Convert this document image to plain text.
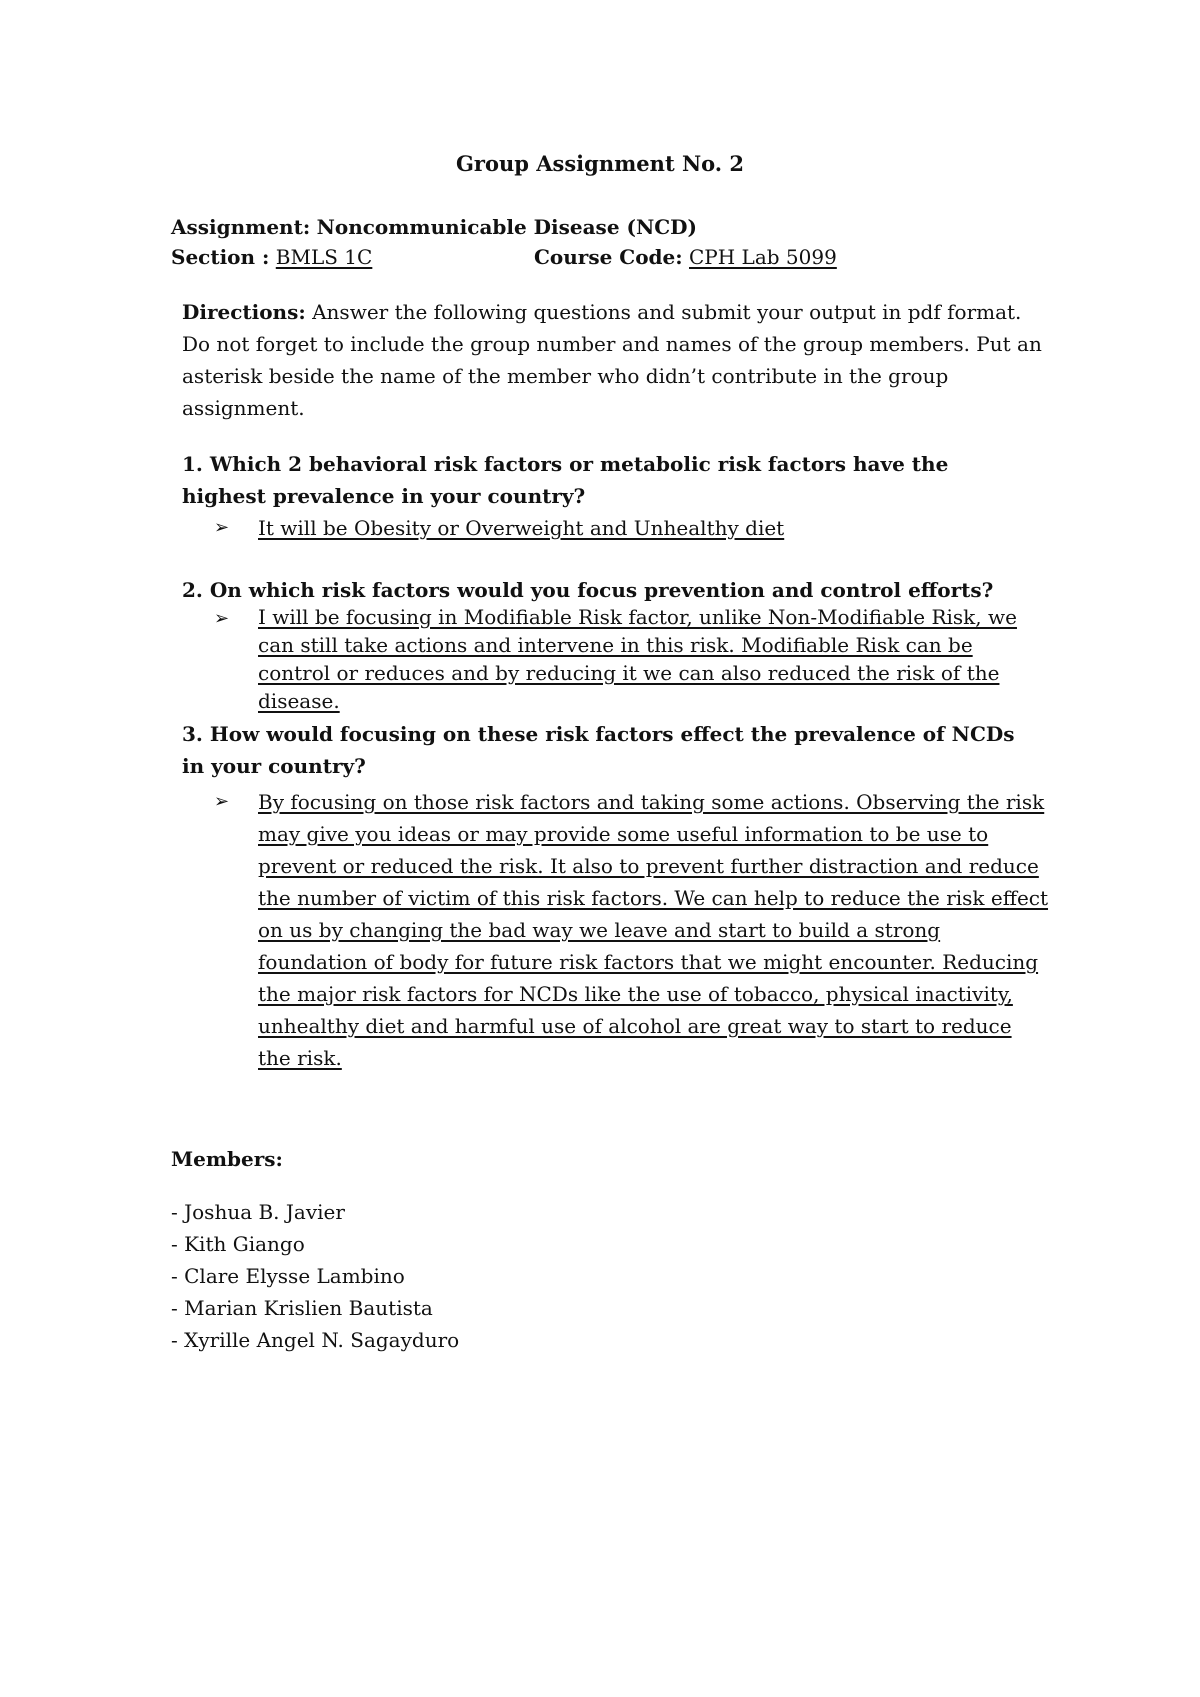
Group Assignment No. 2
Assignment: Noncommunicable Disease (NCD)
Section : BMLS 1C	Course Code: CPH Lab 5099
Directions: Answer the following questions and submit your output in pdf format. Do not forget to include the group number and names of the group members. Put an asterisk beside the name of the member who didn’t contribute in the group assignment.
1. Which 2 behavioral risk factors or metabolic risk factors have the highest prevalence in your country?
➢	It will be Obesity or Overweight and Unhealthy diet
2. On which risk factors would you focus prevention and control efforts?
➢	I will be focusing in Modifiable Risk factor, unlike Non-Modifiable Risk, we can still take actions and intervene in this risk. Modifiable Risk can be control or reduces and by reducing it we can also reduced the risk of the disease.
3. How would focusing on these risk factors effect the prevalence of NCDs in your country?
➢	By focusing on those risk factors and taking some actions. Observing the risk may give you ideas or may provide some useful information to be use to prevent or reduced the risk. It also to prevent further distraction and reduce the number of victim of this risk factors. We can help to reduce the risk effect on us by changing the bad way we leave and start to build a strong foundation of body for future risk factors that we might encounter. Reducing the major risk factors for NCDs like the use of tobacco, physical inactivity, unhealthy diet and harmful use of alcohol are great way to start to reduce the risk.
Members:
- Joshua B. Javier
- Kith Giango
- Clare Elysse Lambino
- Marian Krislien Bautista
- Xyrille Angel N. Sagayduro
